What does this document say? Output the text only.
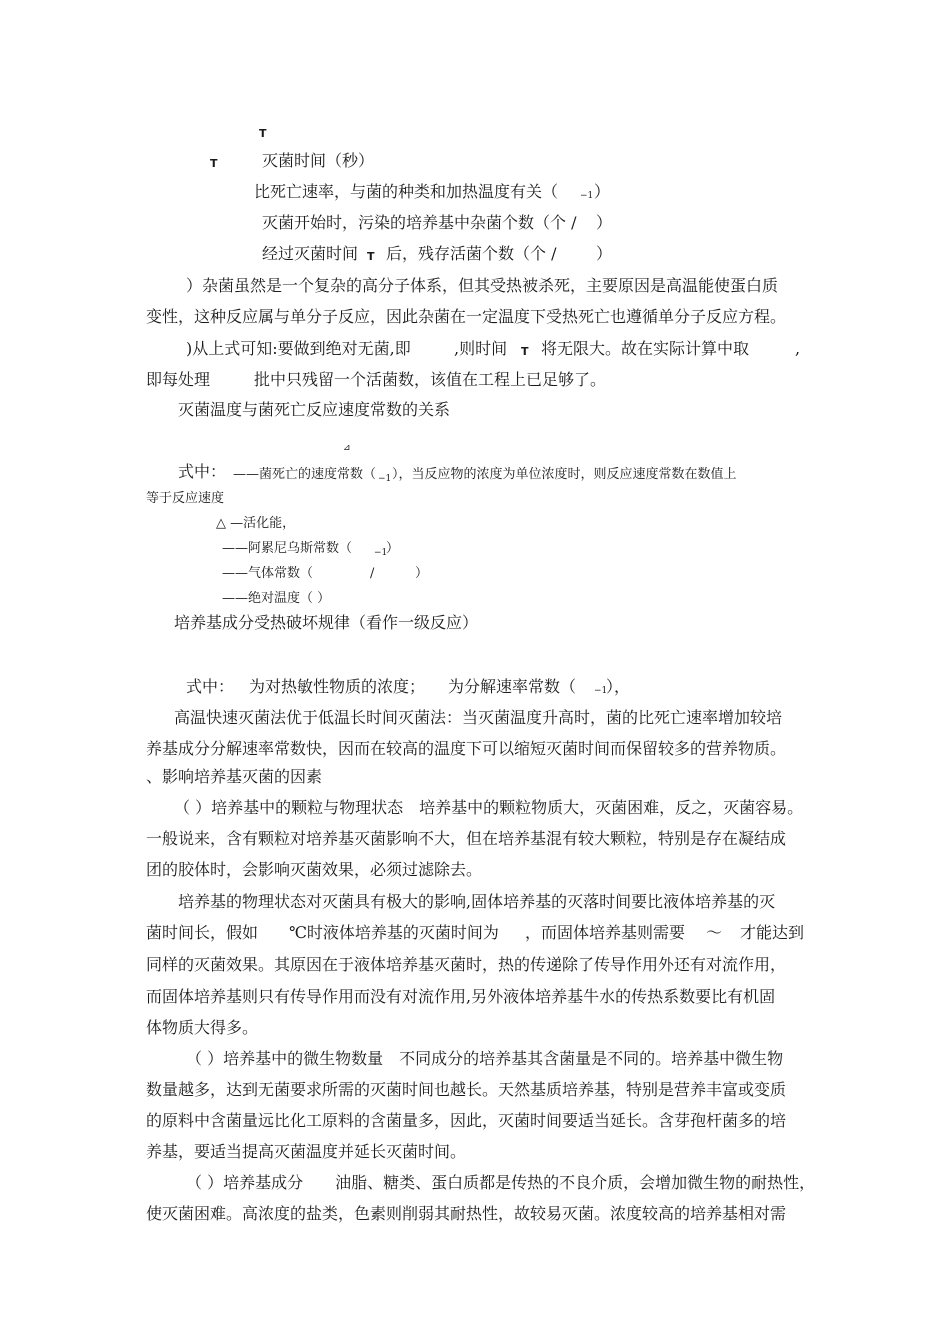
T
T	灭菌时间（秒）
比死亡速率，与菌的种类和加热温度有关（ −1 ）
灭菌开始时，污染的培养基中杂菌个数（个 / ）
经过灭菌时间 T 后，残存活菌个数（个 / ）
）杂菌虽然是一个复杂的高分子体系，但其受热被杀死，主要原因是高温能使蛋白质
变性，这种反应属与单分子反应，因此杂菌在一定温度下受热死亡也遵循单分子反应方程。
)从上式可知:要做到绝对无菌,即	,则时间 T 将无限大。故在实际计算中取	,
即每处理	批中只残留一个活菌数，该值在工程上已足够了。
灭菌温度与菌死亡反应速度常数的关系
⊿
式中： ——菌死亡的速度常数（ −1 ），当反应物的浓度为单位浓度时，则反应速度常数在数值上
等于反应速度
△ —活化能，
——阿累尼乌斯常数（ −1
）
——气体常数（	/	）
——绝对温度（ ）
培养基成分受热破坏规律（看作一级反应）
式中： 为对热敏性物质的浓度； 为分解速率常数（ −1
），
高温快速灭菌法优于低温长时间灭菌法：当灭菌温度升高时，菌的比死亡速率增加较培
养基成分分解速率常数快，因而在较高的温度下可以缩短灭菌时间而保留较多的营养物质。
、影响培养基灭菌的因素
（ ）培养基中的颗粒与物理状态　培养基中的颗粒物质大，灭菌困难，反之，灭菌容易。
一般说来，含有颗粒对培养基灭菌影响不大，但在培养基混有较大颗粒，特别是存在凝结成
团的胶体时，会影响灭菌效果，必须过滤除去。
培养基的物理状态对灭菌具有极大的影响,固体培养基的灭落时间要比液体培养基的灭
菌时间长，假如 ℃时液体培养基的灭菌时间为 ，而固体培养基则需要 ～ 才能达到
同样的灭菌效果。其原因在于液体培养基灭菌时，热的传递除了传导作用外还有对流作用，
而固体培养基则只有传导作用而没有对流作用,另外液体培养基牛水的传热系数要比有机固
体物质大得多。
（ ）培养基中的微生物数量　不同成分的培养基其含菌量是不同的。培养基中微生物
数量越多，达到无菌要求所需的灭菌时间也越长。天然基质培养基，特别是营养丰富或变质
的原料中含菌量远比化工原料的含菌量多，因此，灭菌时间要适当延长。含芽孢杆菌多的培
养基，要适当提高灭菌温度并延长灭菌时间。
（ ）培养基成分　　油脂、糖类、蛋白质都是传热的不良介质，会增加微生物的耐热性，
使灭菌困难。高浓度的盐类，色素则削弱其耐热性，故较易灭菌。浓度较高的培养基相对需
